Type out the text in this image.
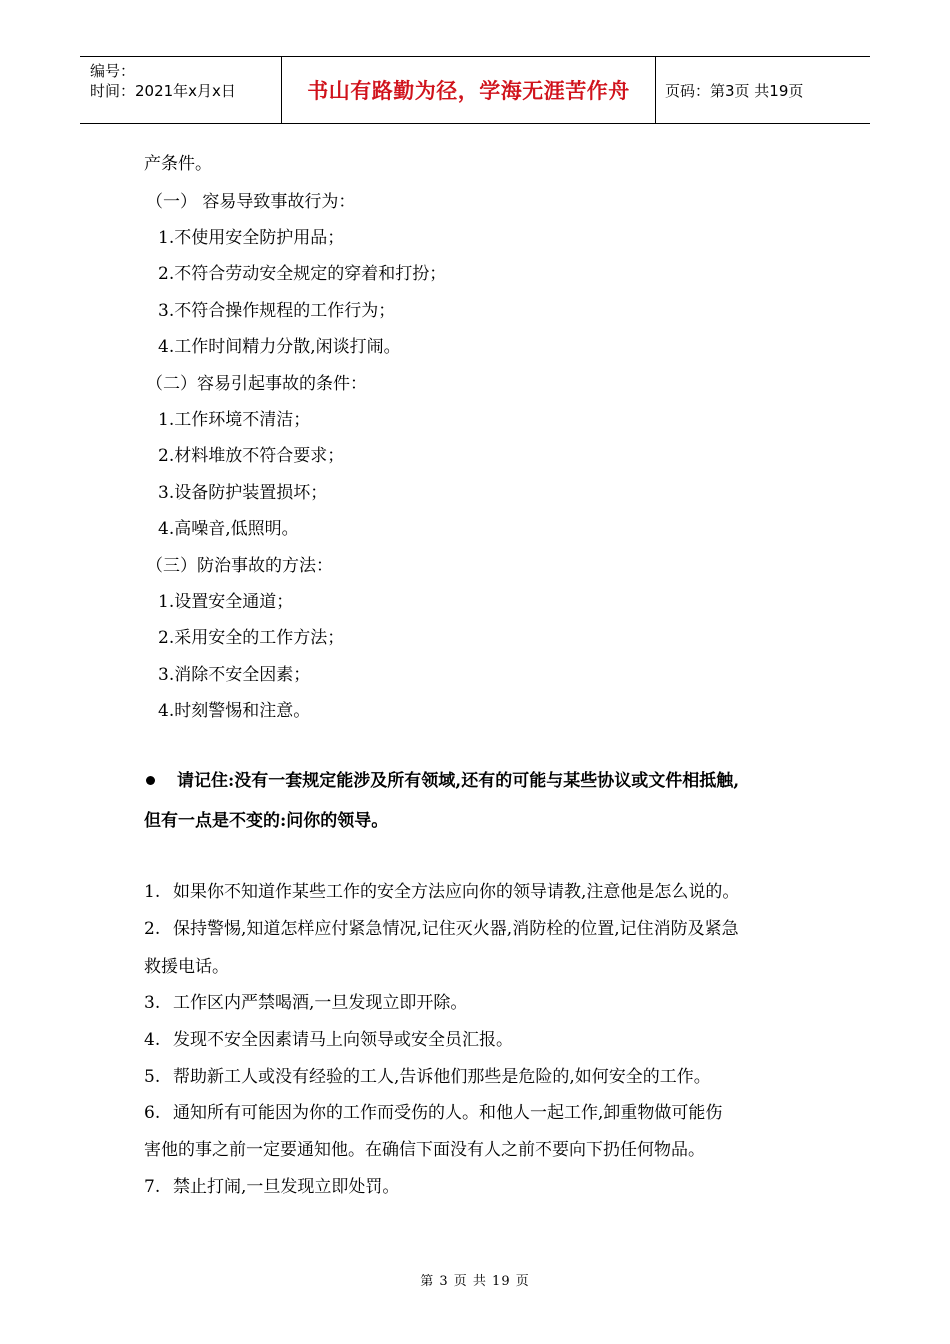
编号：
时间：2021年x月x日	书山有路勤为径，学海无涯苦作舟	页码：第3页 共19页
产条件。
（一） 容易导致事故行为：
1.不使用安全防护用品；
2.不符合劳动安全规定的穿着和打扮；
3.不符合操作规程的工作行为；
4.工作时间精力分散,闲谈打闹。
（二）容易引起事故的条件：
1.工作环境不清洁；
2.材料堆放不符合要求；
3.设备防护装置损坏；
4.高噪音,低照明。
（三）防治事故的方法：
1.设置安全通道；
2.采用安全的工作方法；
3.消除不安全因素；
4.时刻警惕和注意。
请记住:没有一套规定能涉及所有领域,还有的可能与某些协议或文件相抵触,
但有一点是不变的:问你的领导。
1. 如果你不知道作某些工作的安全方法应向你的领导请教,注意他是怎么说的。
2. 保持警惕,知道怎样应付紧急情况,记住灭火器,消防栓的位置,记住消防及紧急
救援电话。
3. 工作区内严禁喝酒,一旦发现立即开除。
4. 发现不安全因素请马上向领导或安全员汇报。
5. 帮助新工人或没有经验的工人,告诉他们那些是危险的,如何安全的工作。
6. 通知所有可能因为你的工作而受伤的人。和他人一起工作,卸重物做可能伤
害他的事之前一定要通知他。在确信下面没有人之前不要向下扔任何物品。
7. 禁止打闹,一旦发现立即处罚。
第 3 页 共 19 页
